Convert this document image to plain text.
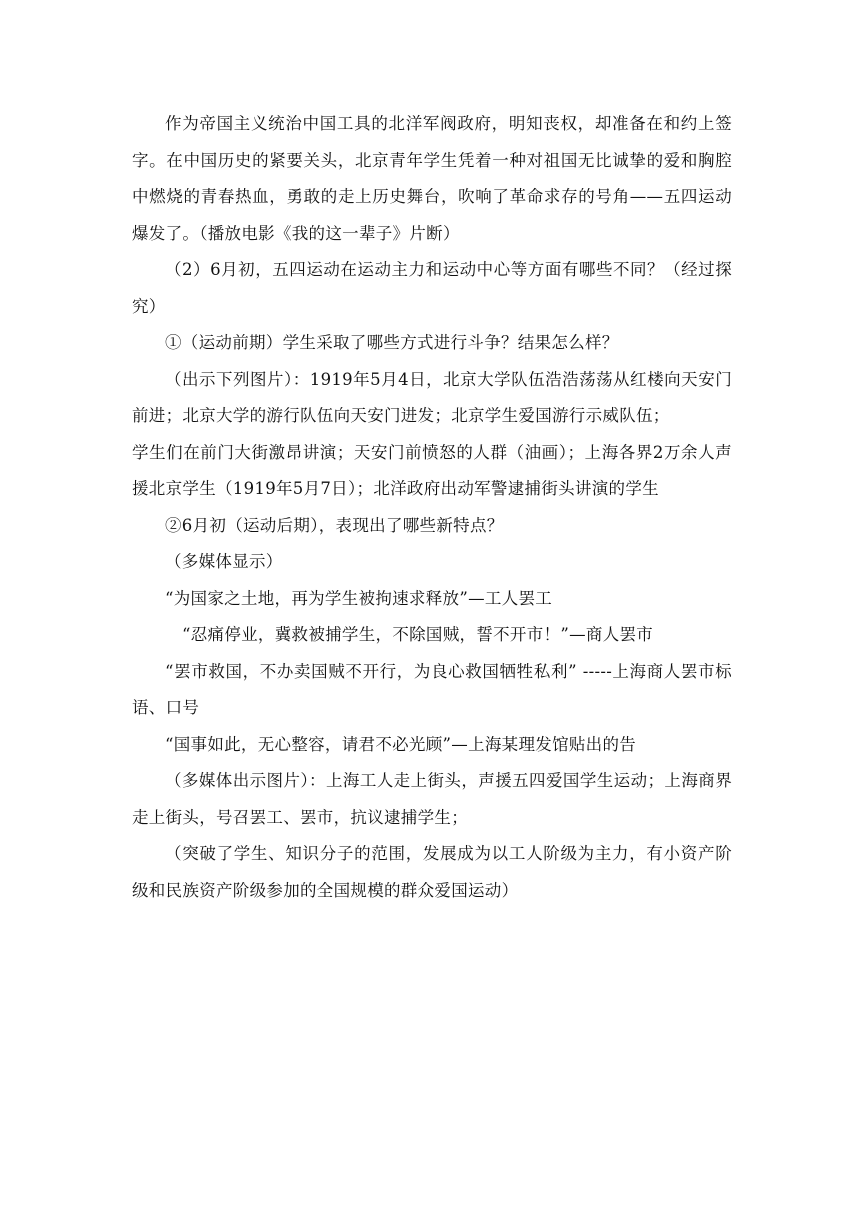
作为帝国主义统治中国工具的北洋军阀政府，明知丧权，却准备在和约上签字。在中国历史的紧要关头，北京青年学生凭着一种对祖国无比诚挚的爱和胸腔中燃烧的青春热血，勇敢的走上历史舞台，吹响了革命求存的号角——五四运动爆发了。（播放电影《我的这一辈子》片断）

（2）6月初，五四运动在运动主力和运动中心等方面有哪些不同？（经过探究）

①（运动前期）学生采取了哪些方式进行斗争？结果怎么样？

（出示下列图片）：1919年5月4日，北京大学队伍浩浩荡荡从红楼向天安门前进；北京大学的游行队伍向天安门进发；北京学生爱国游行示威队伍；

学生们在前门大街激昂讲演；天安门前愤怒的人群（油画）；上海各界2万余人声援北京学生（1919年5月7日）；北洋政府出动军警逮捕街头讲演的学生

②6月初（运动后期），表现出了哪些新特点？

（多媒体显示）

“为国家之土地，再为学生被拘速求释放”—工人罢工

“忍痛停业，冀救被捕学生，不除国贼，誓不开市！”—商人罢市

“罢市救国，不办卖国贼不开行，为良心救国牺牲私利” -----上海商人罢市标语、口号

“国事如此，无心整容，请君不必光顾”—上海某理发馆贴出的告

（多媒体出示图片）：上海工人走上街头，声援五四爱国学生运动；上海商界走上街头，号召罢工、罢市，抗议逮捕学生；

（突破了学生、知识分子的范围，发展成为以工人阶级为主力，有小资产阶级和民族资产阶级参加的全国规模的群众爱国运动）
